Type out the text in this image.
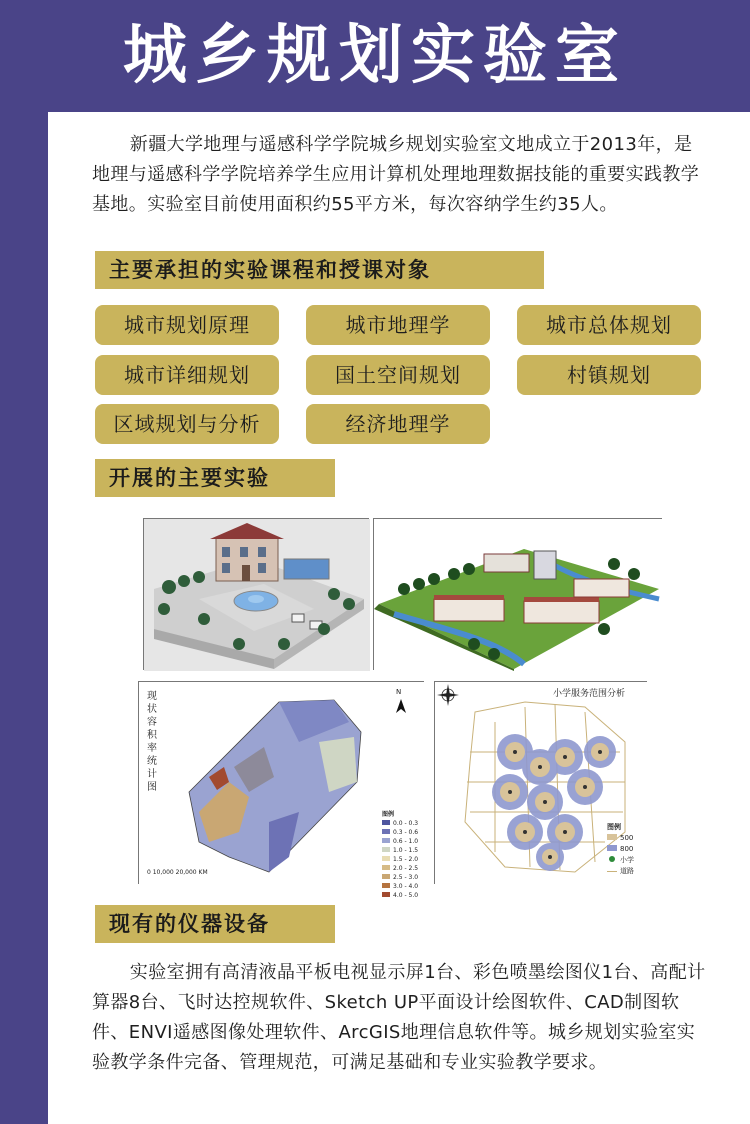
城乡规划实验室

新疆大学地理与遥感科学学院城乡规划实验室文地成立于2013年，是地理与遥感科学学院培养学生应用计算机处理地理数据技能的重要实践教学基地。实验室目前使用面积约55平方米，每次容纳学生约35人。

主要承担的实验课程和授课对象
城市规划原理	城市地理学	城市总体规划
城市详细规划	国土空间规划	村镇规划
区域规划与分析	经济地理学
开展的主要实验
现状容积率统计图
N
图例
0.0 - 0.3
0.3 - 0.6
0.6 - 1.0
1.0 - 1.5
1.5 - 2.0
2.0 - 2.5
2.5 - 3.0
3.0 - 4.0
4.0 - 5.0
0 10,000 20,000 KM
小学服务范围分析
图例
500
800
小学
道路
现有的仪器设备

实验室拥有高清液晶平板电视显示屏1台、彩色喷墨绘图仪1台、高配计算器8台、飞时达控规软件、Sketch UP平面设计绘图软件、CAD制图软件、ENVI遥感图像处理软件、ArcGIS地理信息软件等。城乡规划实验室实验教学条件完备、管理规范，可满足基础和专业实验教学要求。
